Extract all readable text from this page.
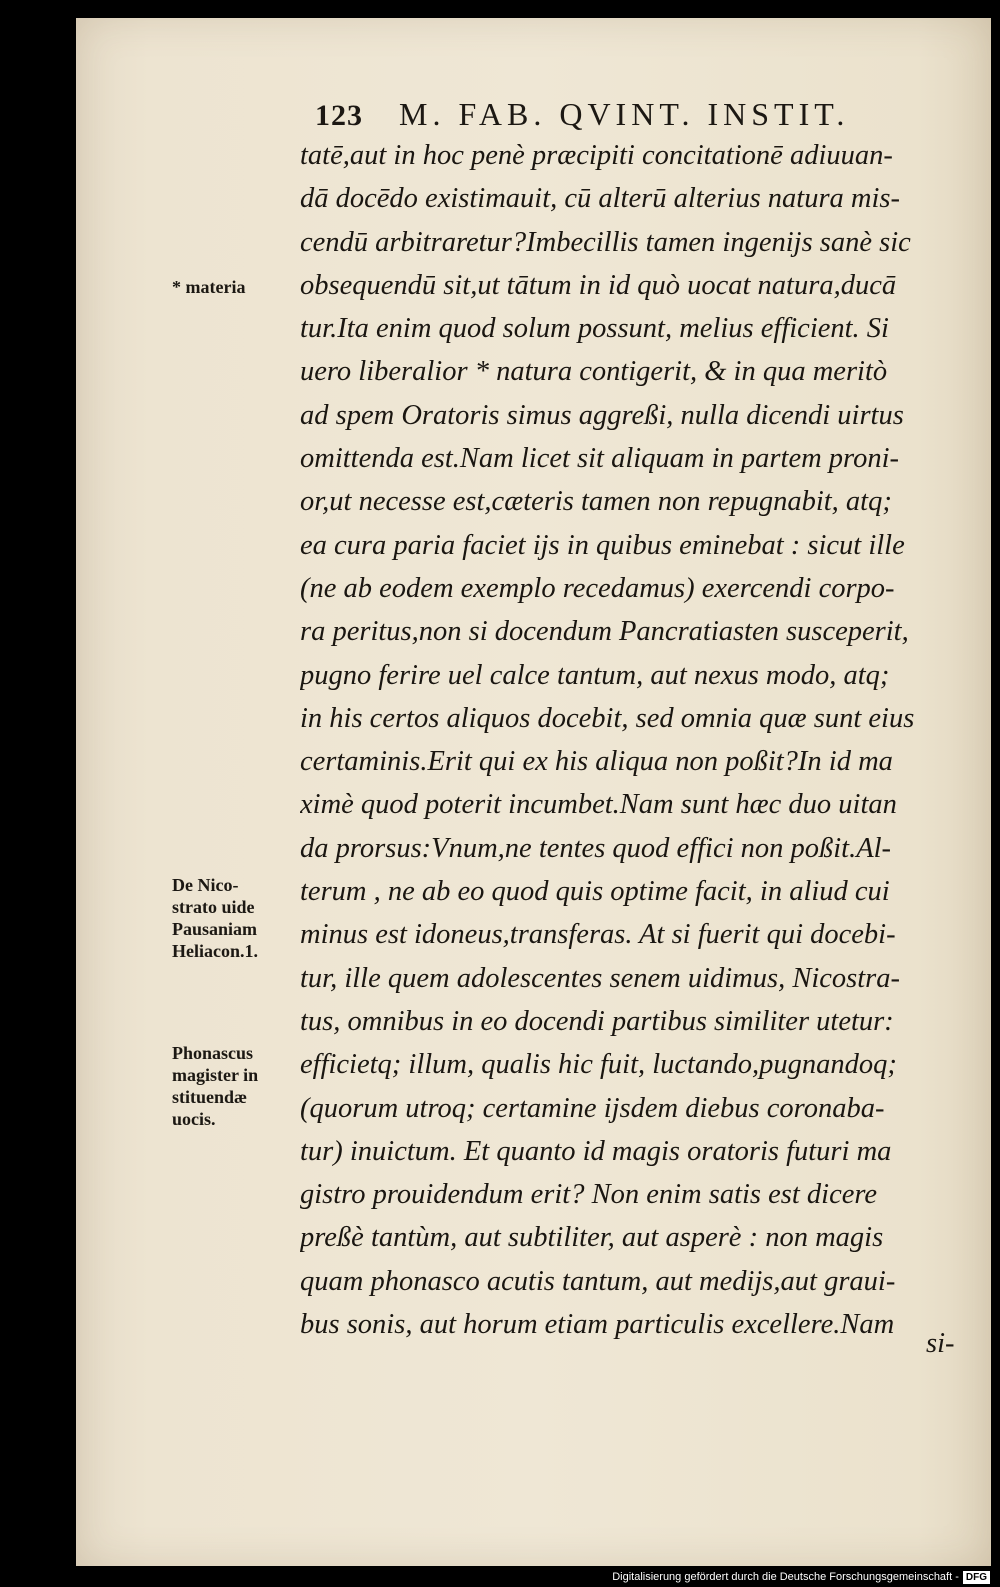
123 M. FAB. QVINT. INSTIT.
tatē,aut in hoc penè præcipiti concitationē adiuuan-
dā docēdo existimauit, cū alterū alterius natura mis-
cendū arbitraretur?Imbecillis tamen ingenijs sanè sic
obsequendū sit,ut tātum in id quò uocat natura,ducā
tur.Ita enim quod solum possunt, melius efficient. Si
uero liberalior * natura contigerit, & in qua meritò
ad spem Oratoris simus aggreßi, nulla dicendi uirtus
omittenda est.Nam licet sit aliquam in partem proni-
or,ut necesse est,cæteris tamen non repugnabit, atq;
ea cura paria faciet ijs in quibus eminebat : sicut ille
(ne ab eodem exemplo recedamus) exercendi corpo-
ra peritus,non si docendum Pancratiasten susceperit,
pugno ferire uel calce tantum, aut nexus modo, atq;
in his certos aliquos docebit, sed omnia quæ sunt eius
certaminis.Erit qui ex his aliqua non poßit?In id ma
ximè quod poterit incumbet.Nam sunt hæc duo uitan
da prorsus:Vnum,ne tentes quod effici non poßit.Al-
terum , ne ab eo quod quis optime facit, in aliud cui
minus est idoneus,transferas. At si fuerit qui docebi-
tur, ille quem adolescentes senem uidimus, Nicostra-
tus, omnibus in eo docendi partibus similiter utetur:
efficietq; illum, qualis hic fuit, luctando,pugnandoq;
(quorum utroq; certamine ijsdem diebus coronaba-
tur) inuictum. Et quanto id magis oratoris futuri ma
gistro prouidendum erit? Non enim satis est dicere
preßè tantùm, aut subtiliter, aut asperè : non magis
quam phonasco acutis tantum, aut medijs,aut graui-
bus sonis, aut horum etiam particulis excellere.Nam
si-
* materia
De Nico-
strato uide
Pausaniam
Heliacon.1.
Phonascus
magister in
stituendæ
uocis.
Digitalisierung gefördert durch die Deutsche Forschungsgemeinschaft - DFG
